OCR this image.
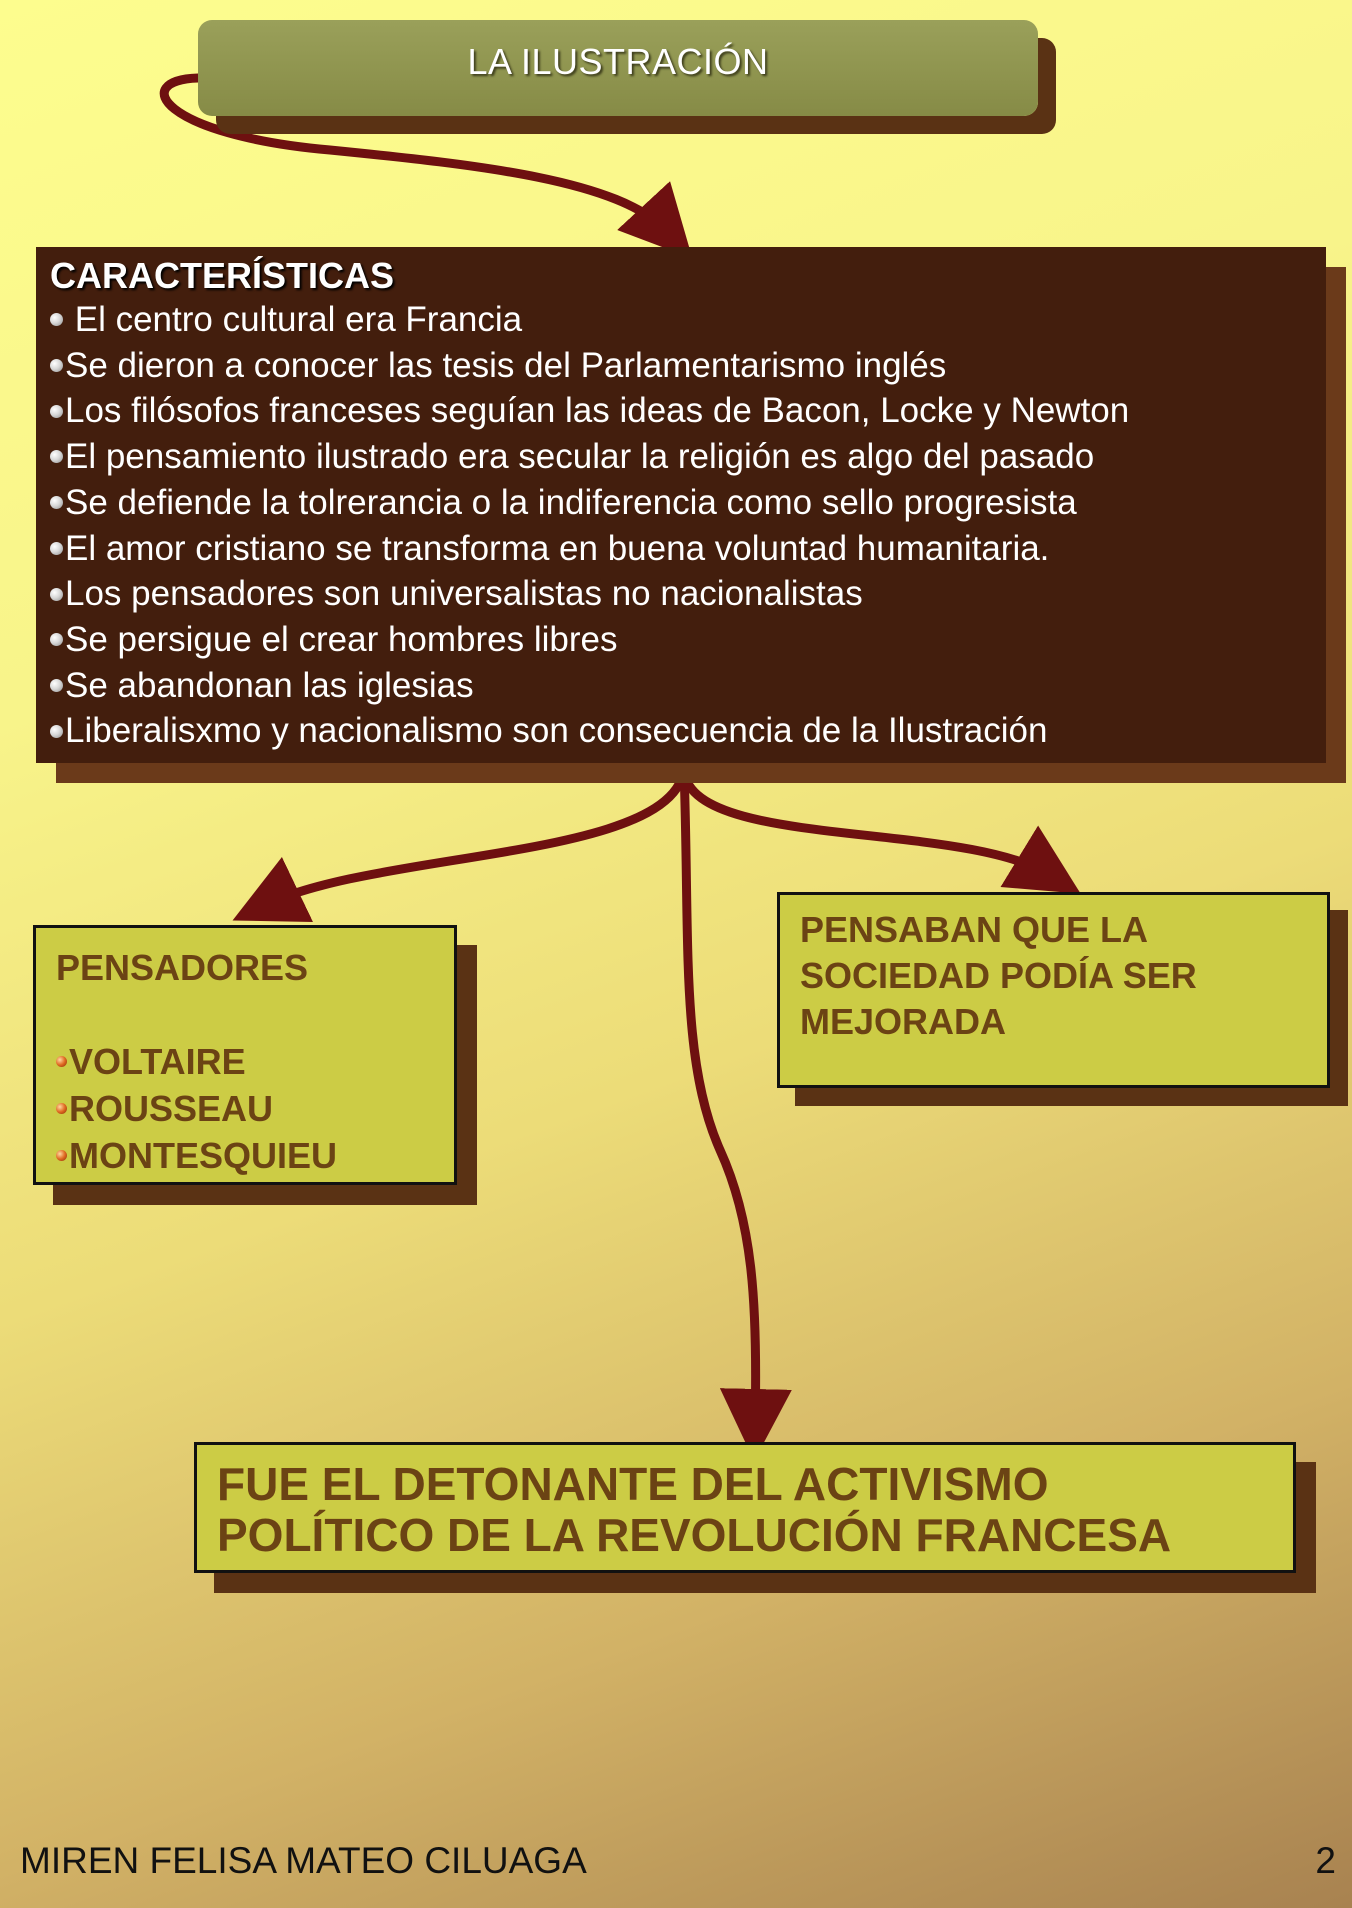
LA ILUSTRACIÓN
CARACTERÍSTICAS
El centro cultural era Francia
Se dieron a conocer las tesis del Parlamentarismo inglés
Los filósofos franceses seguían las ideas de Bacon, Locke y Newton
El pensamiento ilustrado era secular la religión es algo del pasado
Se defiende la tolrerancia o la indiferencia como sello progresista
El amor cristiano se transforma en buena voluntad humanitaria.
Los pensadores son universalistas no nacionalistas
Se persigue el crear hombres libres
Se abandonan las iglesias
Liberalisxmo y nacionalismo son consecuencia de la Ilustración
PENSADORES
VOLTAIRE
ROUSSEAU
MONTESQUIEU
PENSABAN QUE LA
SOCIEDAD PODÍA SER
MEJORADA
FUE EL DETONANTE DEL ACTIVISMO
POLÍTICO DE LA REVOLUCIÓN FRANCESA
MIREN FELISA MATEO CILUAGA	2
